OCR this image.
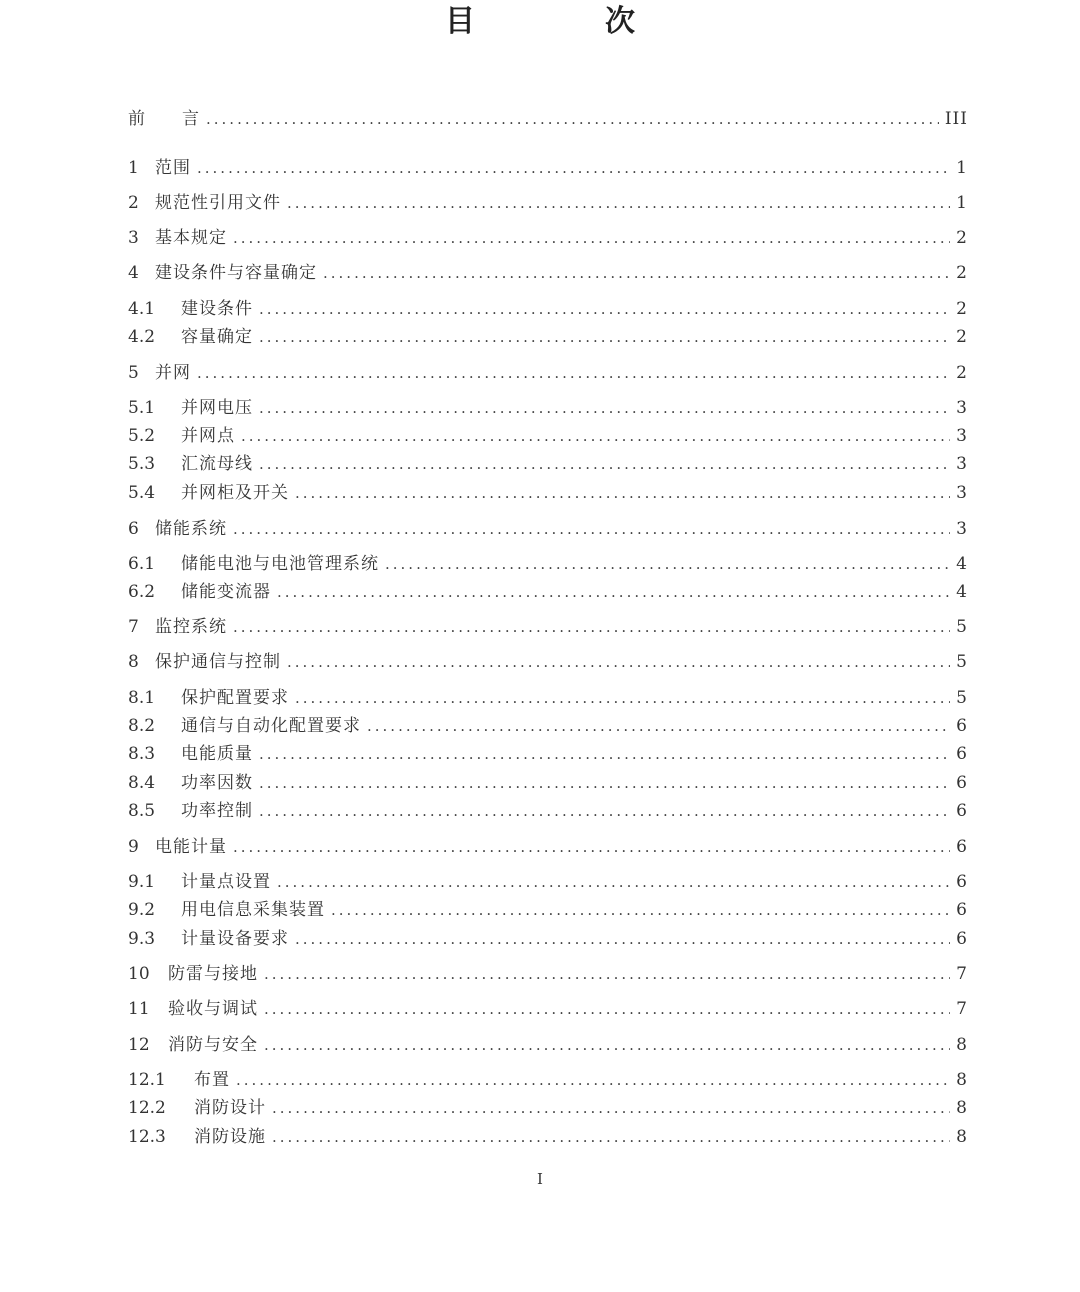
目　次
前　　言 .....	III
1 范围 .....	1
2 规范性引用文件 .....	1
3 基本规定 .....	2
4 建设条件与容量确定 .....	2
4.1	建设条件 .....	2
4.2	容量确定 .....	2
5 并网 .....	2
5.1	并网电压 .....	3
5.2	并网点 .....	3
5.3	汇流母线 .....	3
5.4	并网柜及开关 .....	3
6 储能系统 .....	3
6.1	储能电池与电池管理系统 .....	4
6.2	储能变流器 .....	4
7 监控系统 .....	5
8 保护通信与控制 .....	5
8.1	保护配置要求 .....	5
8.2	通信与自动化配置要求 .....	6
8.3	电能质量 .....	6
8.4	功率因数 .....	6
8.5	功率控制 .....	6
9 电能计量 .....	6
9.1	计量点设置 .....	6
9.2	用电信息采集装置 .....	6
9.3	计量设备要求 .....	6
10	防雷与接地 .....	7
11	验收与调试 .....	7
12	消防与安全 .....	8
12.1	布置 .....	8
12.2	消防设计 .....	8
12.3	消防设施 .....	8
I
